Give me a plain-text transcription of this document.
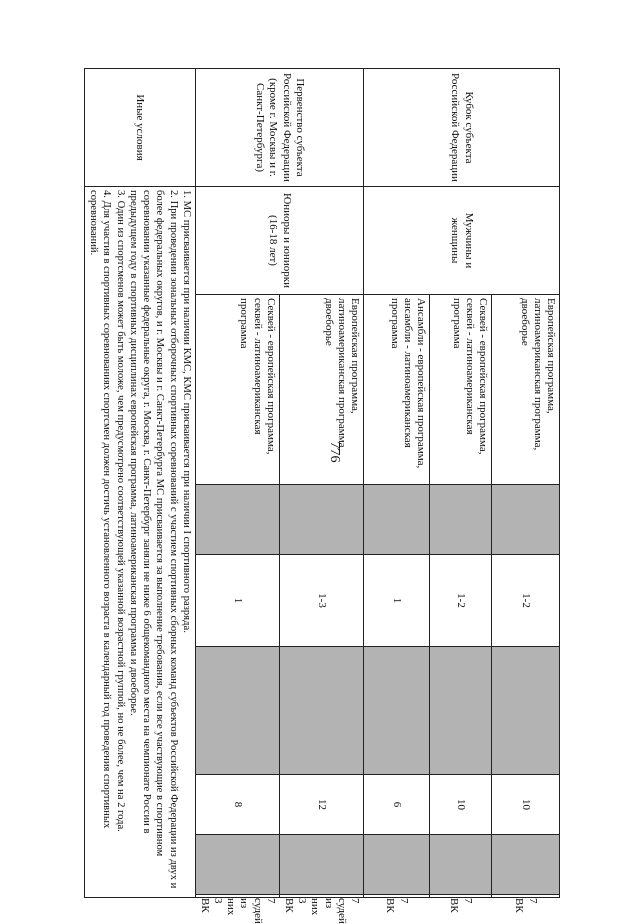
776
Кубок субъекта Российской Федерации	Мужчины и женщины	Европейская программа, латиноамериканская программа, двоеборье		1-2		10		7 ВК
		Секвей - европейская программа, секвей - латиноамериканская программа		1-2		10		7 ВК
		Ансамбли - европейская программа, ансамбли - латиноамериканская программа		1		6		7 ВК
Первенство субъекта Российской Федерации (кроме г. Москвы и г. Санкт-Петербурга)	Юниоры и юниорки (16-18 лет)	Европейская программа, латиноамериканская программа, двоеборье		1-3		12		7 судей из них 3 ВК
		Секвей - европейская программа, секвей - латиноамериканская программа		1		8		7 судей из них 3 ВК
Иные условия	1. МС присваивается при наличии КМС, КМС присваивается при наличии I спортивного разряда.
2. При проведении зональных отборочных спортивных соревнований с участием спортивных сборных команд субъектов Российской Федерации из двух и более федеральных округов, и г. Москвы и г. Санкт-Петербурга МС присваивается за выполнение требования, если все участвующие в спортивном соревновании указанные федеральные округа, г. Москва, г. Санкт-Петербург заняли не ниже 6 общекомандного места на чемпионате России в предыдущем году в спортивных дисциплинах европейская программа, латиноамериканская программа и двоеборье.
3. Один из спортсменов может быть моложе, чем предусмотрено соответствующей указанной возрастной группой, но не более, чем на 2 года.
4. Для участия в спортивных соревнованиях спортсмен должен достичь установленного возраста в календарный год проведения спортивных соревнований.							
